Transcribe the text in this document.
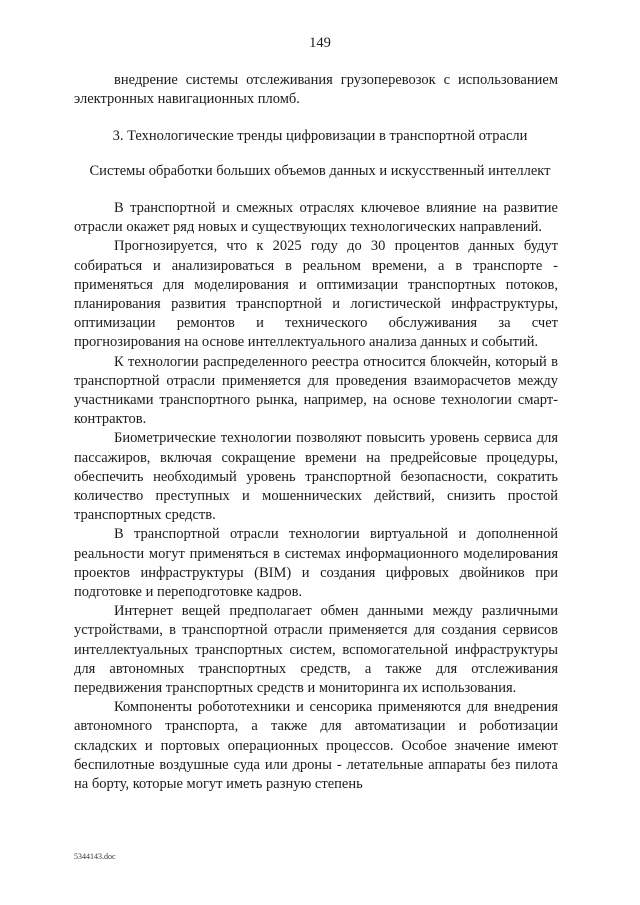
149
внедрение системы отслеживания грузоперевозок с использованием электронных навигационных пломб.
3. Технологические тренды цифровизации в транспортной отрасли
Системы обработки больших объемов данных и искусственный интеллект

В транспортной и смежных отраслях ключевое влияние на развитие отрасли окажет ряд новых и существующих технологических направлений.

Прогнозируется, что к 2025 году до 30 процентов данных будут собираться и анализироваться в реальном времени, а в транспорте - применяться для моделирования и оптимизации транспортных потоков, планирования развития транспортной и логистической инфраструктуры, оптимизации ремонтов и технического обслуживания за счет прогнозирования на основе интеллектуального анализа данных и событий.

К технологии распределенного реестра относится блокчейн, который в транспортной отрасли применяется для проведения взаиморасчетов между участниками транспортного рынка, например, на основе технологии смарт-контрактов.

Биометрические технологии позволяют повысить уровень сервиса для пассажиров, включая сокращение времени на предрейсовые процедуры, обеспечить необходимый уровень транспортной безопасности, сократить количество преступных и мошеннических действий, снизить простой транспортных средств.

В транспортной отрасли технологии виртуальной и дополненной реальности могут применяться в системах информационного моделирования проектов инфраструктуры (BIM) и создания цифровых двойников при подготовке и переподготовке кадров.

Интернет вещей предполагает обмен данными между различными устройствами, в транспортной отрасли применяется для создания сервисов интеллектуальных транспортных систем, вспомогательной инфраструктуры для автономных транспортных средств, а также для отслеживания передвижения транспортных средств и мониторинга их использования.

Компоненты робототехники и сенсорика применяются для внедрения автономного транспорта, а также для автоматизации и роботизации складских и портовых операционных процессов. Особое значение имеют беспилотные воздушные суда или дроны - летательные аппараты без пилота на борту, которые могут иметь разную степень

5344143.doc
